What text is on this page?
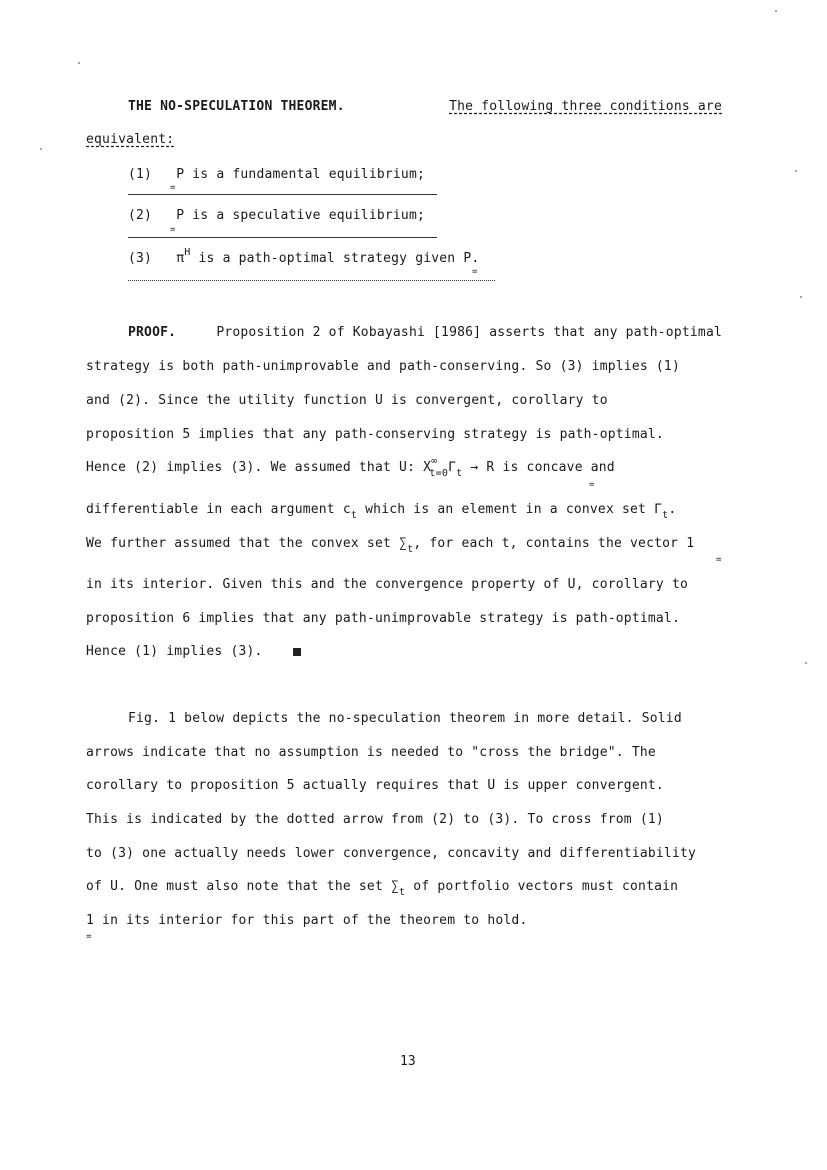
THE NO-SPECULATION THEOREM.	The following three conditions are
equivalent:
(1) P is a fundamental equilibrium;
=
(2) P is a speculative equilibrium;
=
(3) $\pi^H$ is a path-optimal strategy given P.
=
PROOF.	Proposition 2 of Kobayashi [1986] asserts that any path-optimal
strategy is both path-unimprovable and path-conserving. So (3) implies (1)
and (2). Since the utility function U is convergent, corollary to
proposition 5 implies that any path-conserving strategy is path-optimal.
Hence (2) implies (3). We assumed that U: $X^\infty_{t=0}\Gamma_t \to R$ is concave and
=
differentiable in each argument $c_t$ which is an element in a convex set $\Gamma_t$.
We further assumed that the convex set $\sum_t$, for each t, contains the vector 1
=
in its interior. Given this and the convergence property of U, corollary to
proposition 6 implies that any path-unimprovable strategy is path-optimal.
Hence (1) implies (3).
Fig. 1 below depicts the no-speculation theorem in more detail. Solid
arrows indicate that no assumption is needed to "cross the bridge". The
corollary to proposition 5 actually requires that U is upper convergent.
This is indicated by the dotted arrow from (2) to (3). To cross from (1)
to (3) one actually needs lower convergence, concavity and differentiability
of U. One must also note that the set $\sum_t$ of portfolio vectors must contain
1 in its interior for this part of the theorem to hold.
=
13
